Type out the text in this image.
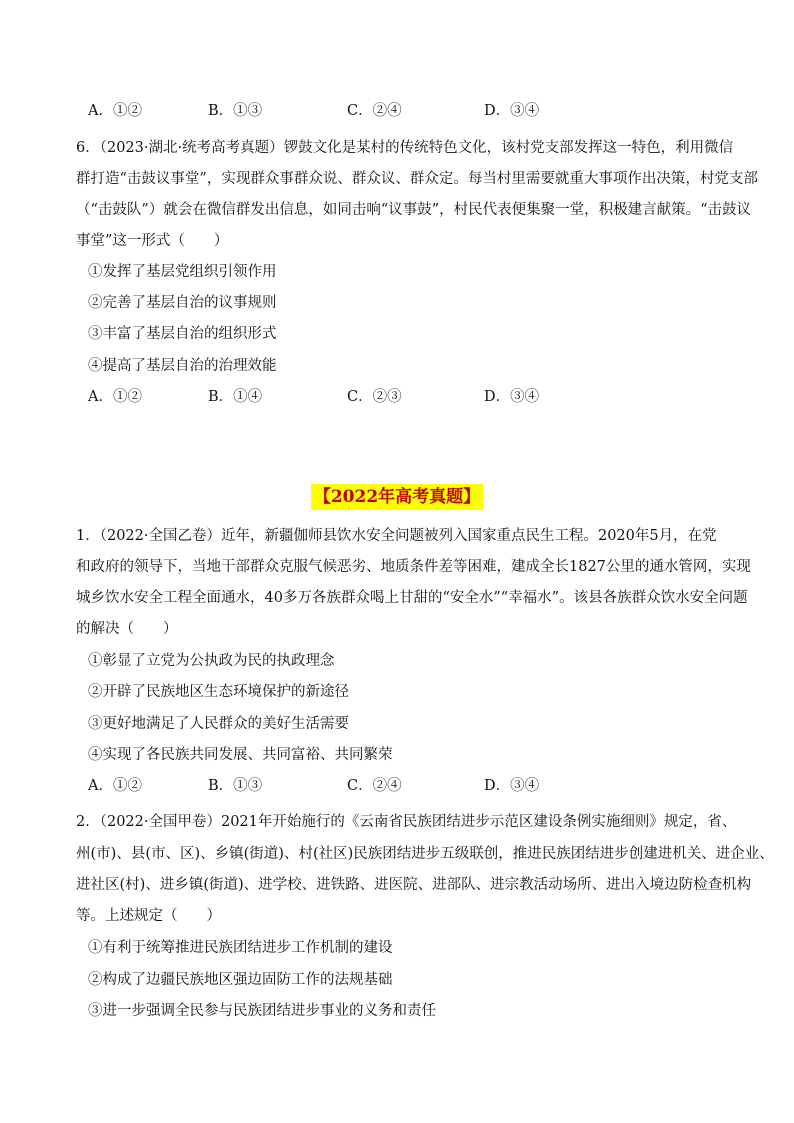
A．①②	B．①③	C．②④	D．③④
6．（2023·湖北·统考高考真题）锣鼓文化是某村的传统特色文化，该村党支部发挥这一特色，利用微信
群打造“击鼓议事堂”，实现群众事群众说、群众议、群众定。每当村里需要就重大事项作出决策，村党支部
（“击鼓队”）就会在微信群发出信息，如同击响“议事鼓”，村民代表便集聚一堂，积极建言献策。“击鼓议
事堂”这一形式（　　）
①发挥了基层党组织引领作用
②完善了基层自治的议事规则
③丰富了基层自治的组织形式
④提高了基层自治的治理效能
A．①②	B．①④	C．②③	D．③④
【2022年高考真题】
1．（2022·全国乙卷）近年，新疆伽师县饮水安全问题被列入国家重点民生工程。2020年5月，在党
和政府的领导下，当地干部群众克服气候恶劣、地质条件差等困难，建成全长1827公里的通水管网，实现
城乡饮水安全工程全面通水，40多万各族群众喝上甘甜的“安全水”“幸福水”。该县各族群众饮水安全问题
的解决（　　）
①彰显了立党为公执政为民的执政理念
②开辟了民族地区生态环境保护的新途径
③更好地满足了人民群众的美好生活需要
④实现了各民族共同发展、共同富裕、共同繁荣
A．①②	B．①③	C．②④	D．③④
2．（2022·全国甲卷）2021年开始施行的《云南省民族团结进步示范区建设条例实施细则》规定，省、
州(市)、县(市、区)、乡镇(街道)、村(社区)民族团结进步五级联创，推进民族团结进步创建进机关、进企业、
进社区(村)、进乡镇(街道)、进学校、进铁路、进医院、进部队、进宗教活动场所、进出入境边防检查机构
等。上述规定（　　）
①有利于统筹推进民族团结进步工作机制的建设
②构成了边疆民族地区强边固防工作的法规基础
③进一步强调全民参与民族团结进步事业的义务和责任
